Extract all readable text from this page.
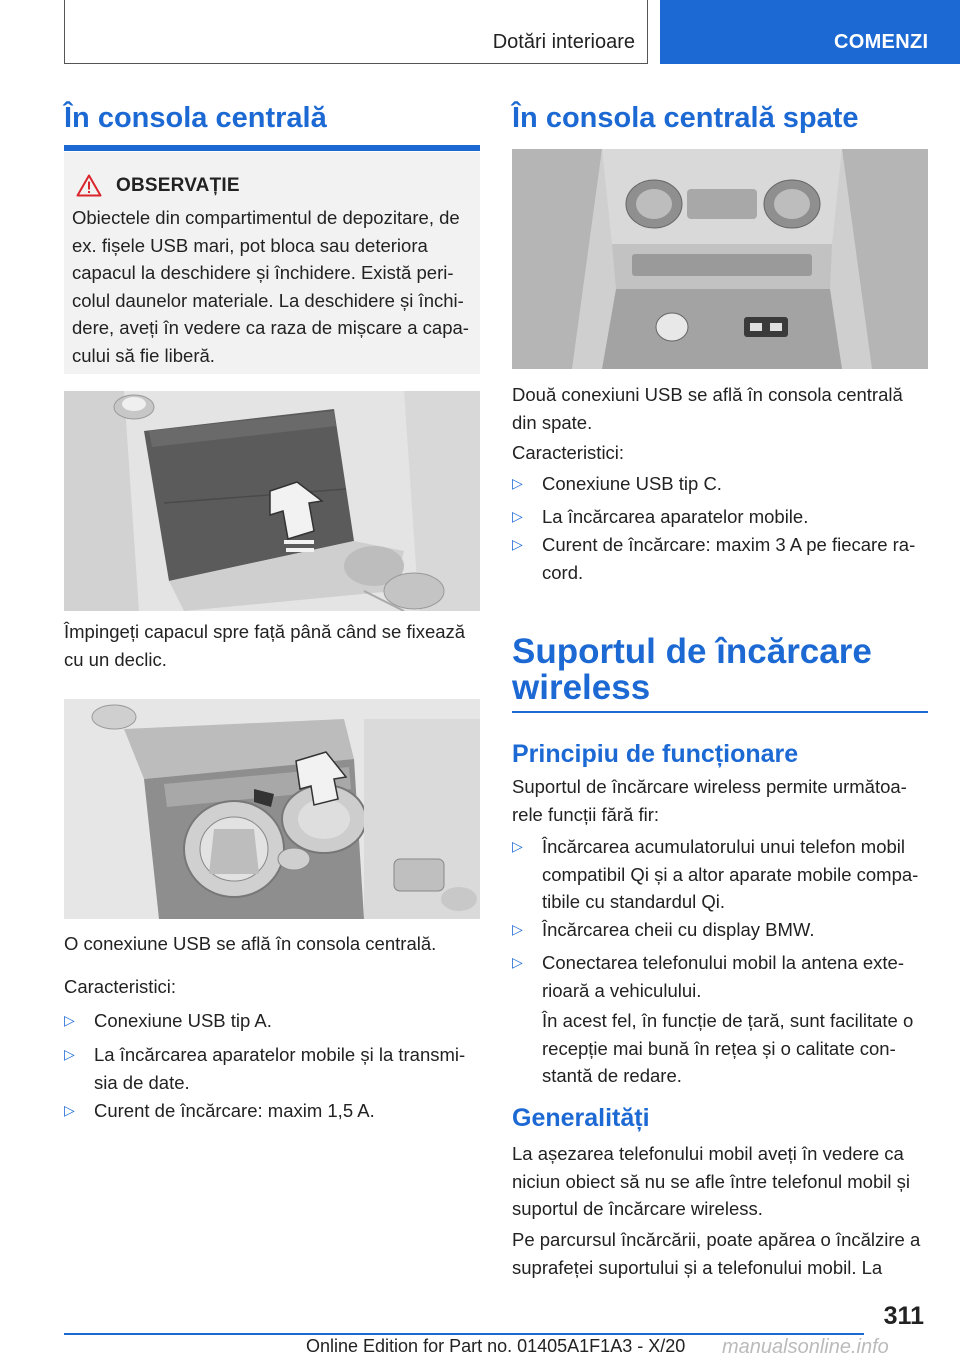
Dotări interioare	COMENZI
În consola centrală
OBSERVAȚIE
Obiectele din compartimentul de depozitare, de ex. fișele USB mari, pot bloca sau deteriora capacul la deschidere și închidere. Există pericolul daunelor materiale. La deschidere și închidere, aveți în vedere ca raza de mișcare a capacului să fie liberă.
Împingeți capacul spre față până când se fixează cu un declic.
O conexiune USB se află în consola centrală.
Caracteristici:
▷ Conexiune USB tip A.
▷ La încărcarea aparatelor mobile și la transmisia de date.
▷ Curent de încărcare: maxim 1,5 A.
În consola centrală spate
Două conexiuni USB se află în consola centrală din spate.
Caracteristici:
▷ Conexiune USB tip C.
▷ La încărcarea aparatelor mobile.
▷ Curent de încărcare: maxim 3 A pe fiecare racord.
Suportul de încărcare wireless
Principiu de funcționare
Suportul de încărcare wireless permite următoarele funcții fără fir:
▷ Încărcarea acumulatorului unui telefon mobil compatibil Qi și a altor aparate mobile compatibile cu standardul Qi.
▷ Încărcarea cheii cu display BMW.
▷ Conectarea telefonului mobil la antena exterioară a vehiculului.
În acest fel, în funcție de țară, sunt facilitate o recepție mai bună în rețea și o calitate constantă de redare.
Generalități
La așezarea telefonului mobil aveți în vedere ca niciun obiect să nu se afle între telefonul mobil și suportul de încărcare wireless.
Pe parcursul încărcării, poate apărea o încălzire a suprafeței suportului și a telefonului mobil. La
311
Online Edition for Part no. 01405A1F1A3 - X/20 manualsonline.info
